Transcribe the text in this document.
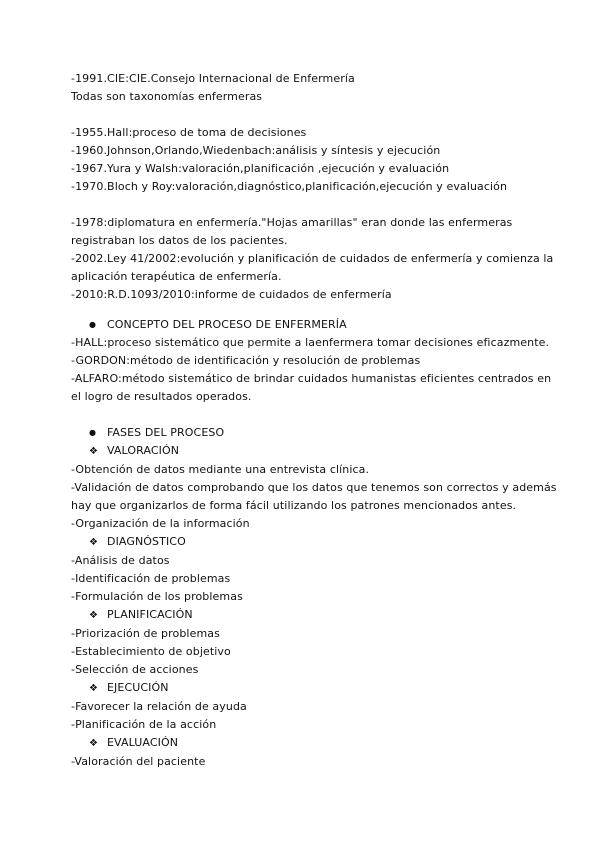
-1991.CIE:CIE.Consejo Internacional de Enfermería
Todas son taxonomías enfermeras
-1955.Hall:proceso de toma de decisiones
-1960.Johnson,Orlando,Wiedenbach:análisis y síntesis y ejecución
-1967.Yura y Walsh:valoración,planificación ,ejecución y evaluación
-1970.Bloch y Roy:valoración,diagnóstico,planificación,ejecución y evaluación
-1978:diplomatura en enfermería."Hojas amarillas" eran donde las enfermeras
registraban los datos de los pacientes.
-2002.Ley 41/2002:evolución y planificación de cuidados de enfermería y comienza la
aplicación terapéutica de enfermería.
-2010:R.D.1093/2010:informe de cuidados de enfermería
● CONCEPTO DEL PROCESO DE ENFERMERÍA
-HALL:proceso sistemático que permite a laenfermera tomar decisiones eficazmente.
-GORDON:método de identificación y resolución de problemas
-ALFARO:método sistemático de brindar cuidados humanistas eficientes centrados en
el logro de resultados operados.
● FASES DEL PROCESO
❖ VALORACIÓN
-Obtención de datos mediante una entrevista clínica.
-Validación de datos comprobando que los datos que tenemos son correctos y además
hay que organizarlos de forma fácil utilizando los patrones mencionados antes.
-Organización de la información
❖ DIAGNÓSTICO
-Análisis de datos
-Identificación de problemas
-Formulación de los problemas
❖ PLANIFICACIÓN
-Priorización de problemas
-Establecimiento de objetivo
-Selección de acciones
❖ EJECUCIÓN
-Favorecer la relación de ayuda
-Planificación de la acción
❖ EVALUACIÓN
-Valoración del paciente
